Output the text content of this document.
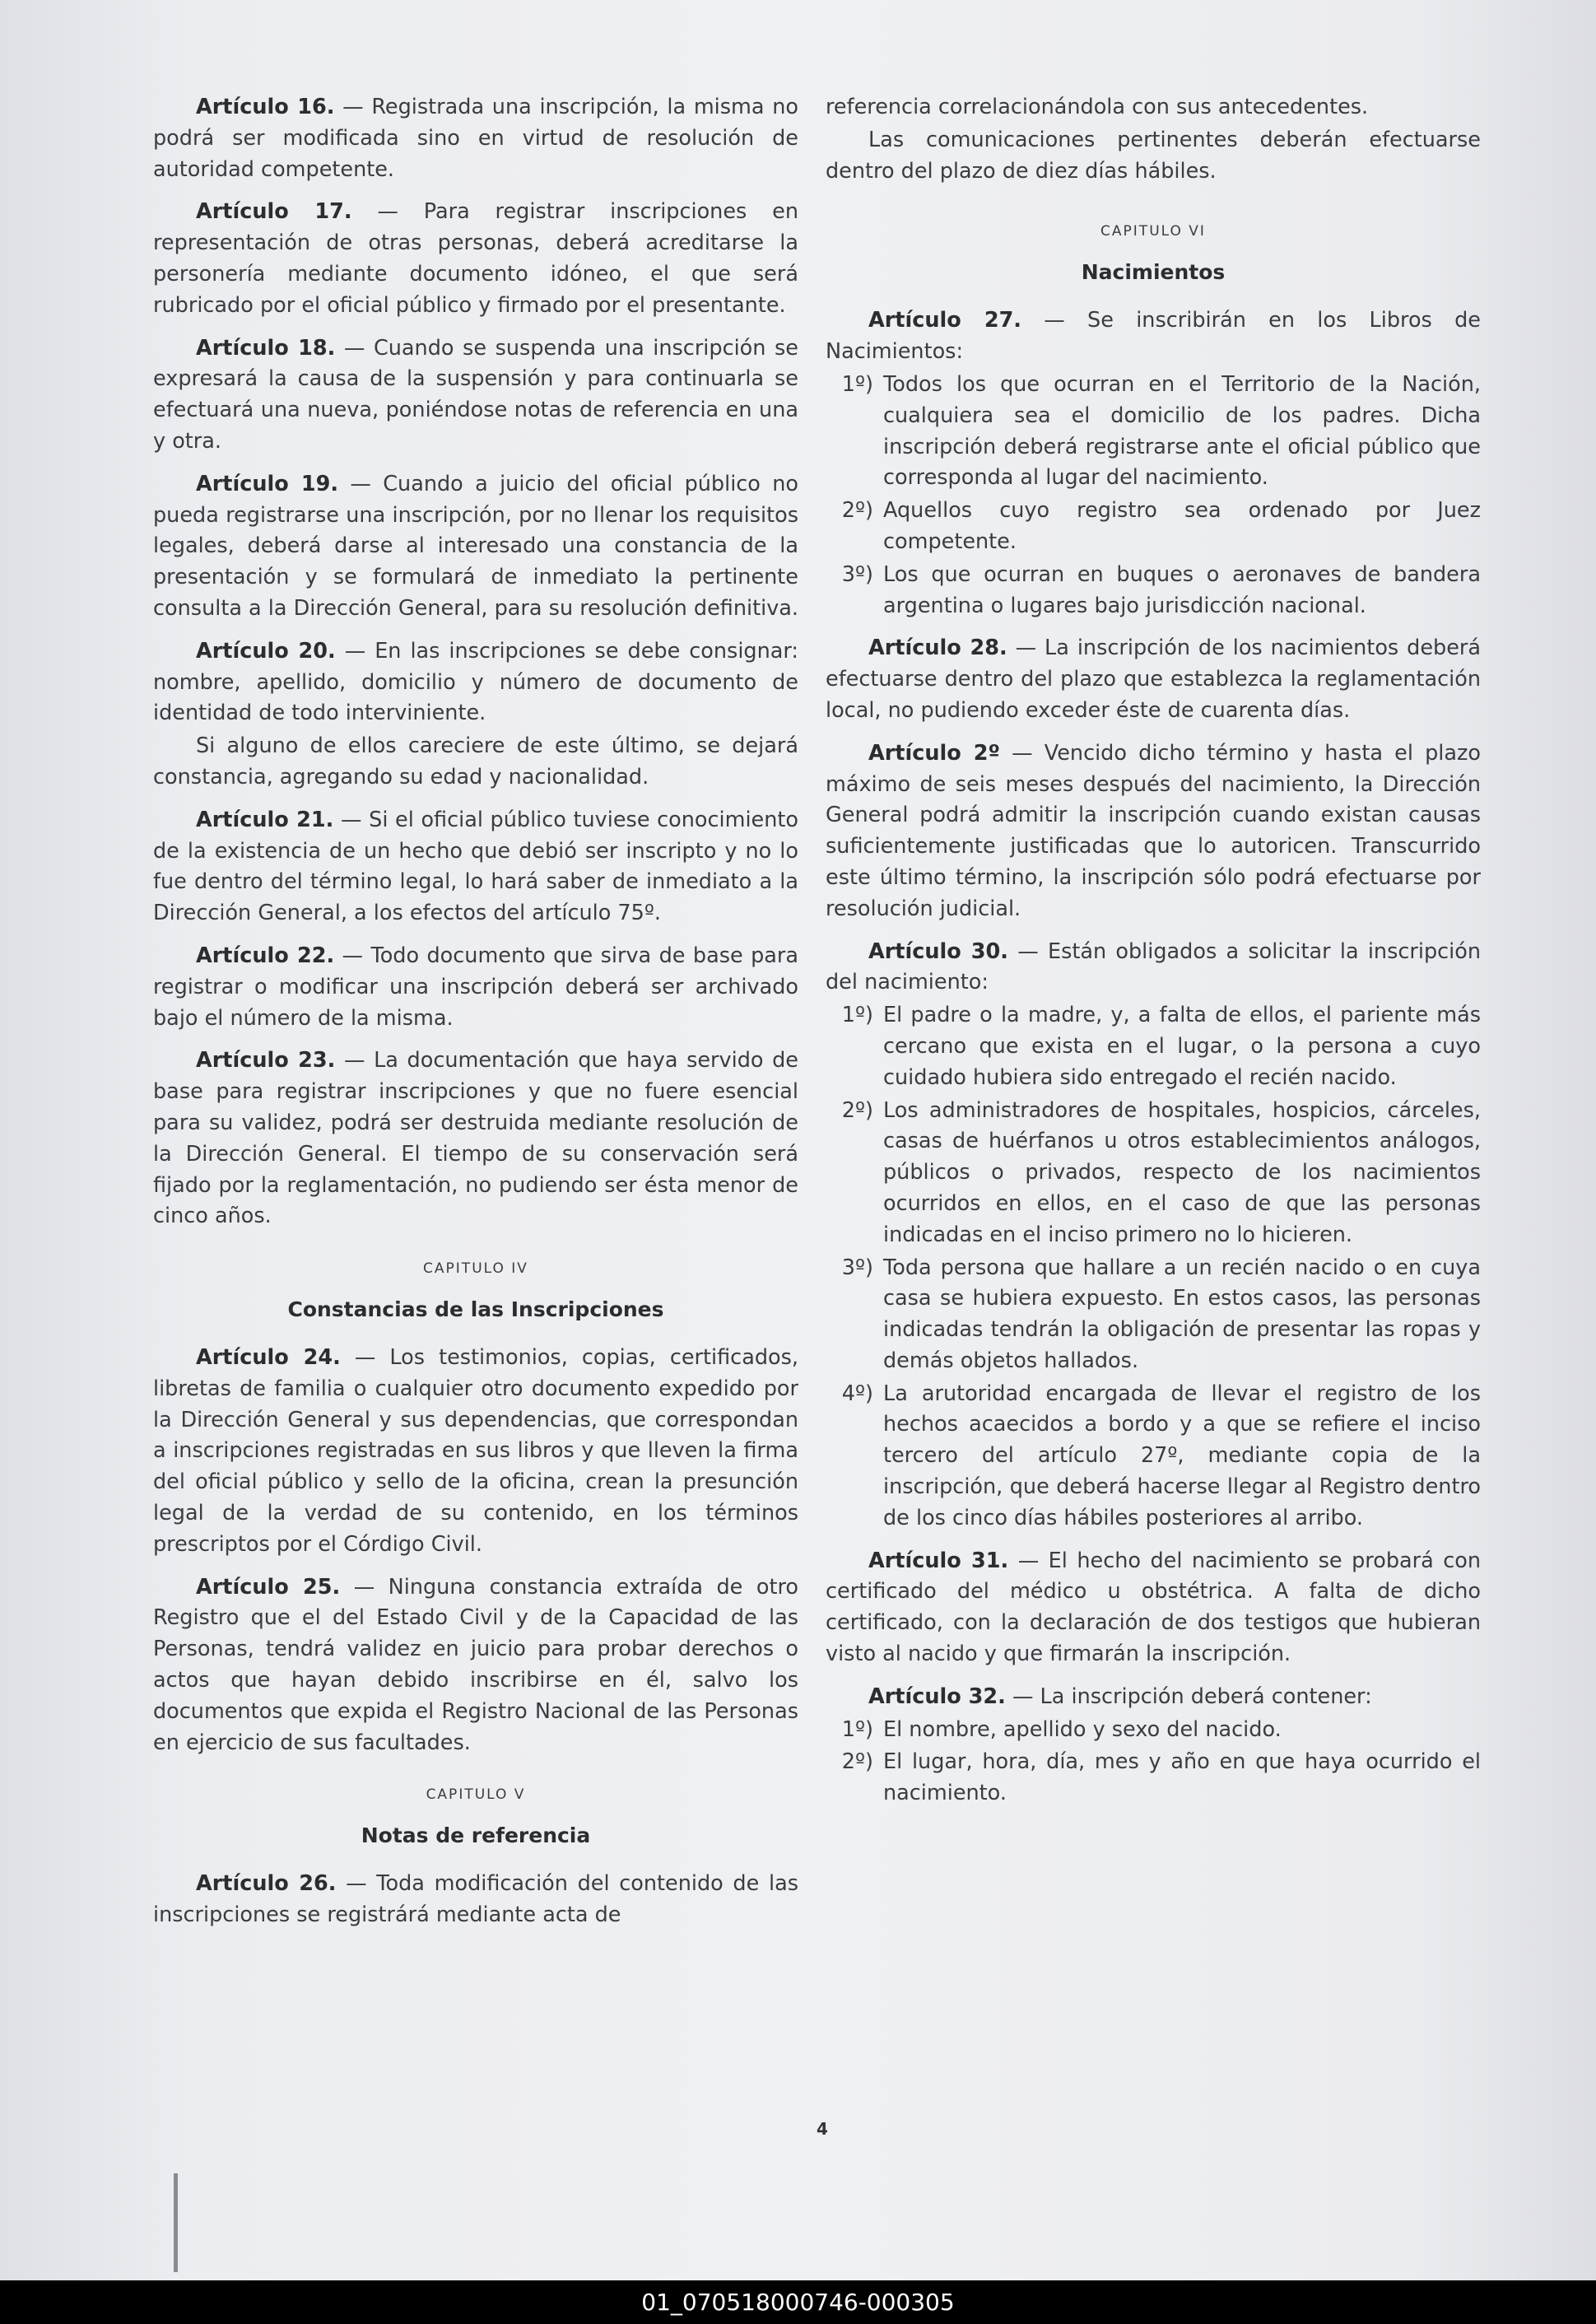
Artículo 16. — Registrada una inscripción, la misma no podrá ser modificada sino en virtud de resolución de autoridad competente.

Artículo 17. — Para registrar inscripciones en representación de otras personas, deberá acreditarse la personería mediante documento idóneo, el que será rubricado por el oficial público y firmado por el presentante.

Artículo 18. — Cuando se suspenda una inscripción se expresará la causa de la suspensión y para continuarla se efectuará una nueva, poniéndose notas de referencia en una y otra.

Artículo 19. — Cuando a juicio del oficial público no pueda registrarse una inscripción, por no llenar los requisitos legales, deberá darse al interesado una constancia de la presentación y se formulará de inmediato la pertinente consulta a la Dirección General, para su resolución definitiva.

Artículo 20. — En las inscripciones se debe consignar: nombre, apellido, domicilio y número de documento de identidad de todo interviniente.

Si alguno de ellos careciere de este último, se dejará constancia, agregando su edad y nacionalidad.

Artículo 21. — Si el oficial público tuviese conocimiento de la existencia de un hecho que debió ser inscripto y no lo fue dentro del término legal, lo hará saber de inmediato a la Dirección General, a los efectos del artículo 75º.

Artículo 22. — Todo documento que sirva de base para registrar o modificar una inscripción deberá ser archivado bajo el número de la misma.

Artículo 23. — La documentación que haya servido de base para registrar inscripciones y que no fuere esencial para su validez, podrá ser destruida mediante resolución de la Dirección General. El tiempo de su conservación será fijado por la reglamentación, no pudiendo ser ésta menor de cinco años.

CAPITULO IV
Constancias de las Inscripciones

Artículo 24. — Los testimonios, copias, certificados, libretas de familia o cualquier otro documento expedido por la Dirección General y sus dependencias, que correspondan a inscripciones registradas en sus libros y que lleven la firma del oficial público y sello de la oficina, crean la presunción legal de la verdad de su contenido, en los términos prescriptos por el Córdigo Civil.

Artículo 25. — Ninguna constancia extraída de otro Registro que el del Estado Civil y de la Capacidad de las Personas, tendrá validez en juicio para probar derechos o actos que hayan debido inscribirse en él, salvo los documentos que expida el Registro Nacional de las Personas en ejercicio de sus facultades.

CAPITULO V
Notas de referencia

Artículo 26. — Toda modificación del contenido de las inscripciones se registrárá mediante acta de

referencia correlacionándola con sus antecedentes.

Las comunicaciones pertinentes deberán efectuarse dentro del plazo de diez días hábiles.

CAPITULO VI
Nacimientos

Artículo 27. — Se inscribirán en los Libros de Nacimientos:

1º) Todos los que ocurran en el Territorio de la Nación, cualquiera sea el domicilio de los padres. Dicha inscripción deberá registrarse ante el oficial público que corresponda al lugar del nacimiento.
2º) Aquellos cuyo registro sea ordenado por Juez competente.
3º) Los que ocurran en buques o aeronaves de bandera argentina o lugares bajo jurisdicción nacional.

Artículo 28. — La inscripción de los nacimientos deberá efectuarse dentro del plazo que establezca la reglamentación local, no pudiendo exceder éste de cuarenta días.

Artículo 2º — Vencido dicho término y hasta el plazo máximo de seis meses después del nacimiento, la Dirección General podrá admitir la inscripción cuando existan causas suficientemente justificadas que lo autoricen. Transcurrido este último término, la inscripción sólo podrá efectuarse por resolución judicial.

Artículo 30. — Están obligados a solicitar la inscripción del nacimiento:

1º) El padre o la madre, y, a falta de ellos, el pariente más cercano que exista en el lugar, o la persona a cuyo cuidado hubiera sido entregado el recién nacido.
2º) Los administradores de hospitales, hospicios, cárceles, casas de huérfanos u otros establecimientos análogos, públicos o privados, respecto de los nacimientos ocurridos en ellos, en el caso de que las personas indicadas en el inciso primero no lo hicieren.
3º) Toda persona que hallare a un recién nacido o en cuya casa se hubiera expuesto. En estos casos, las personas indicadas tendrán la obligación de presentar las ropas y demás objetos hallados.
4º) La arutoridad encargada de llevar el registro de los hechos acaecidos a bordo y a que se refiere el inciso tercero del artículo 27º, mediante copia de la inscripción, que deberá hacerse llegar al Registro dentro de los cinco días hábiles posteriores al arribo.

Artículo 31. — El hecho del nacimiento se probará con certificado del médico u obstétrica. A falta de dicho certificado, con la declaración de dos testigos que hubieran visto al nacido y que firmarán la inscripción.

Artículo 32. — La inscripción deberá contener:

1º) El nombre, apellido y sexo del nacido.
2º) El lugar, hora, día, mes y año en que haya ocurrido el nacimiento.
4
01_070518000746-000305
